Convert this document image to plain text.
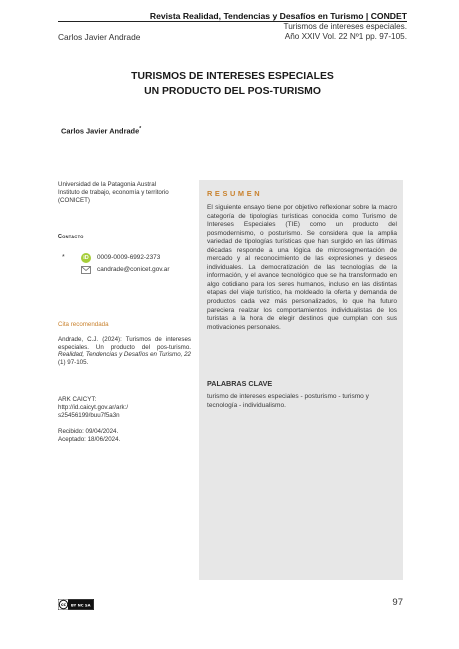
Revista Realidad, Tendencias y Desafíos en Turismo | CONDET
Turismos de intereses especiales.
Carlos Javier Andrade	Año XXIV Vol. 22 Nº1 pp. 97-105.
TURISMOS DE INTERESES ESPECIALES
UN PRODUCTO DEL POS-TURISMO
Carlos Javier Andrade*
Universidad de la Patagonia Austral
Instituto de trabajo, economía y territorio
(CONICET)
Contacto
*	iD 0009-0009-6992-2373
candrade@conicet.gov.ar
Cita recomendada
Andrade, C.J. (2024): Turismos de intereses especiales. Un producto del pos-turismo. Realidad, Tendencias y Desafíos en Turismo, 22 (1) 97-105.
ARK CAICYT:
http://id.caicyt.gov.ar/ark:/
s25456199/buu7f5a3n
Recibido: 09/04/2024.
Aceptado: 18/06/2024.
RESUMEN
El siguiente ensayo tiene por objetivo reflexionar sobre la macro categoría de tipologías turísticas conocida como Turismo de Intereses Especiales (TIE) como un producto del posmodernismo, o posturismo. Se considera que la amplia variedad de tipologías turísticas que han surgido en las últimas décadas responde a una lógica de microsegmentación de mercado y al reconocimiento de las expresiones y deseos individuales. La democratización de las tecnologías de la información, y el avance tecnológico que se ha transformado en algo cotidiano para los seres humanos, incluso en las distintas etapas del viaje turístico, ha moldeado la oferta y demanda de productos cada vez más personalizados, lo que ha futuro pareciera realzar los comportamientos individualistas de los turistas a la hora de elegir destinos que cumplan con sus motivaciones personales.
PALABRAS CLAVE
turismo de intereses especiales - posturismo - turismo y tecnología - individualismo.
cc BY NC SA	97
